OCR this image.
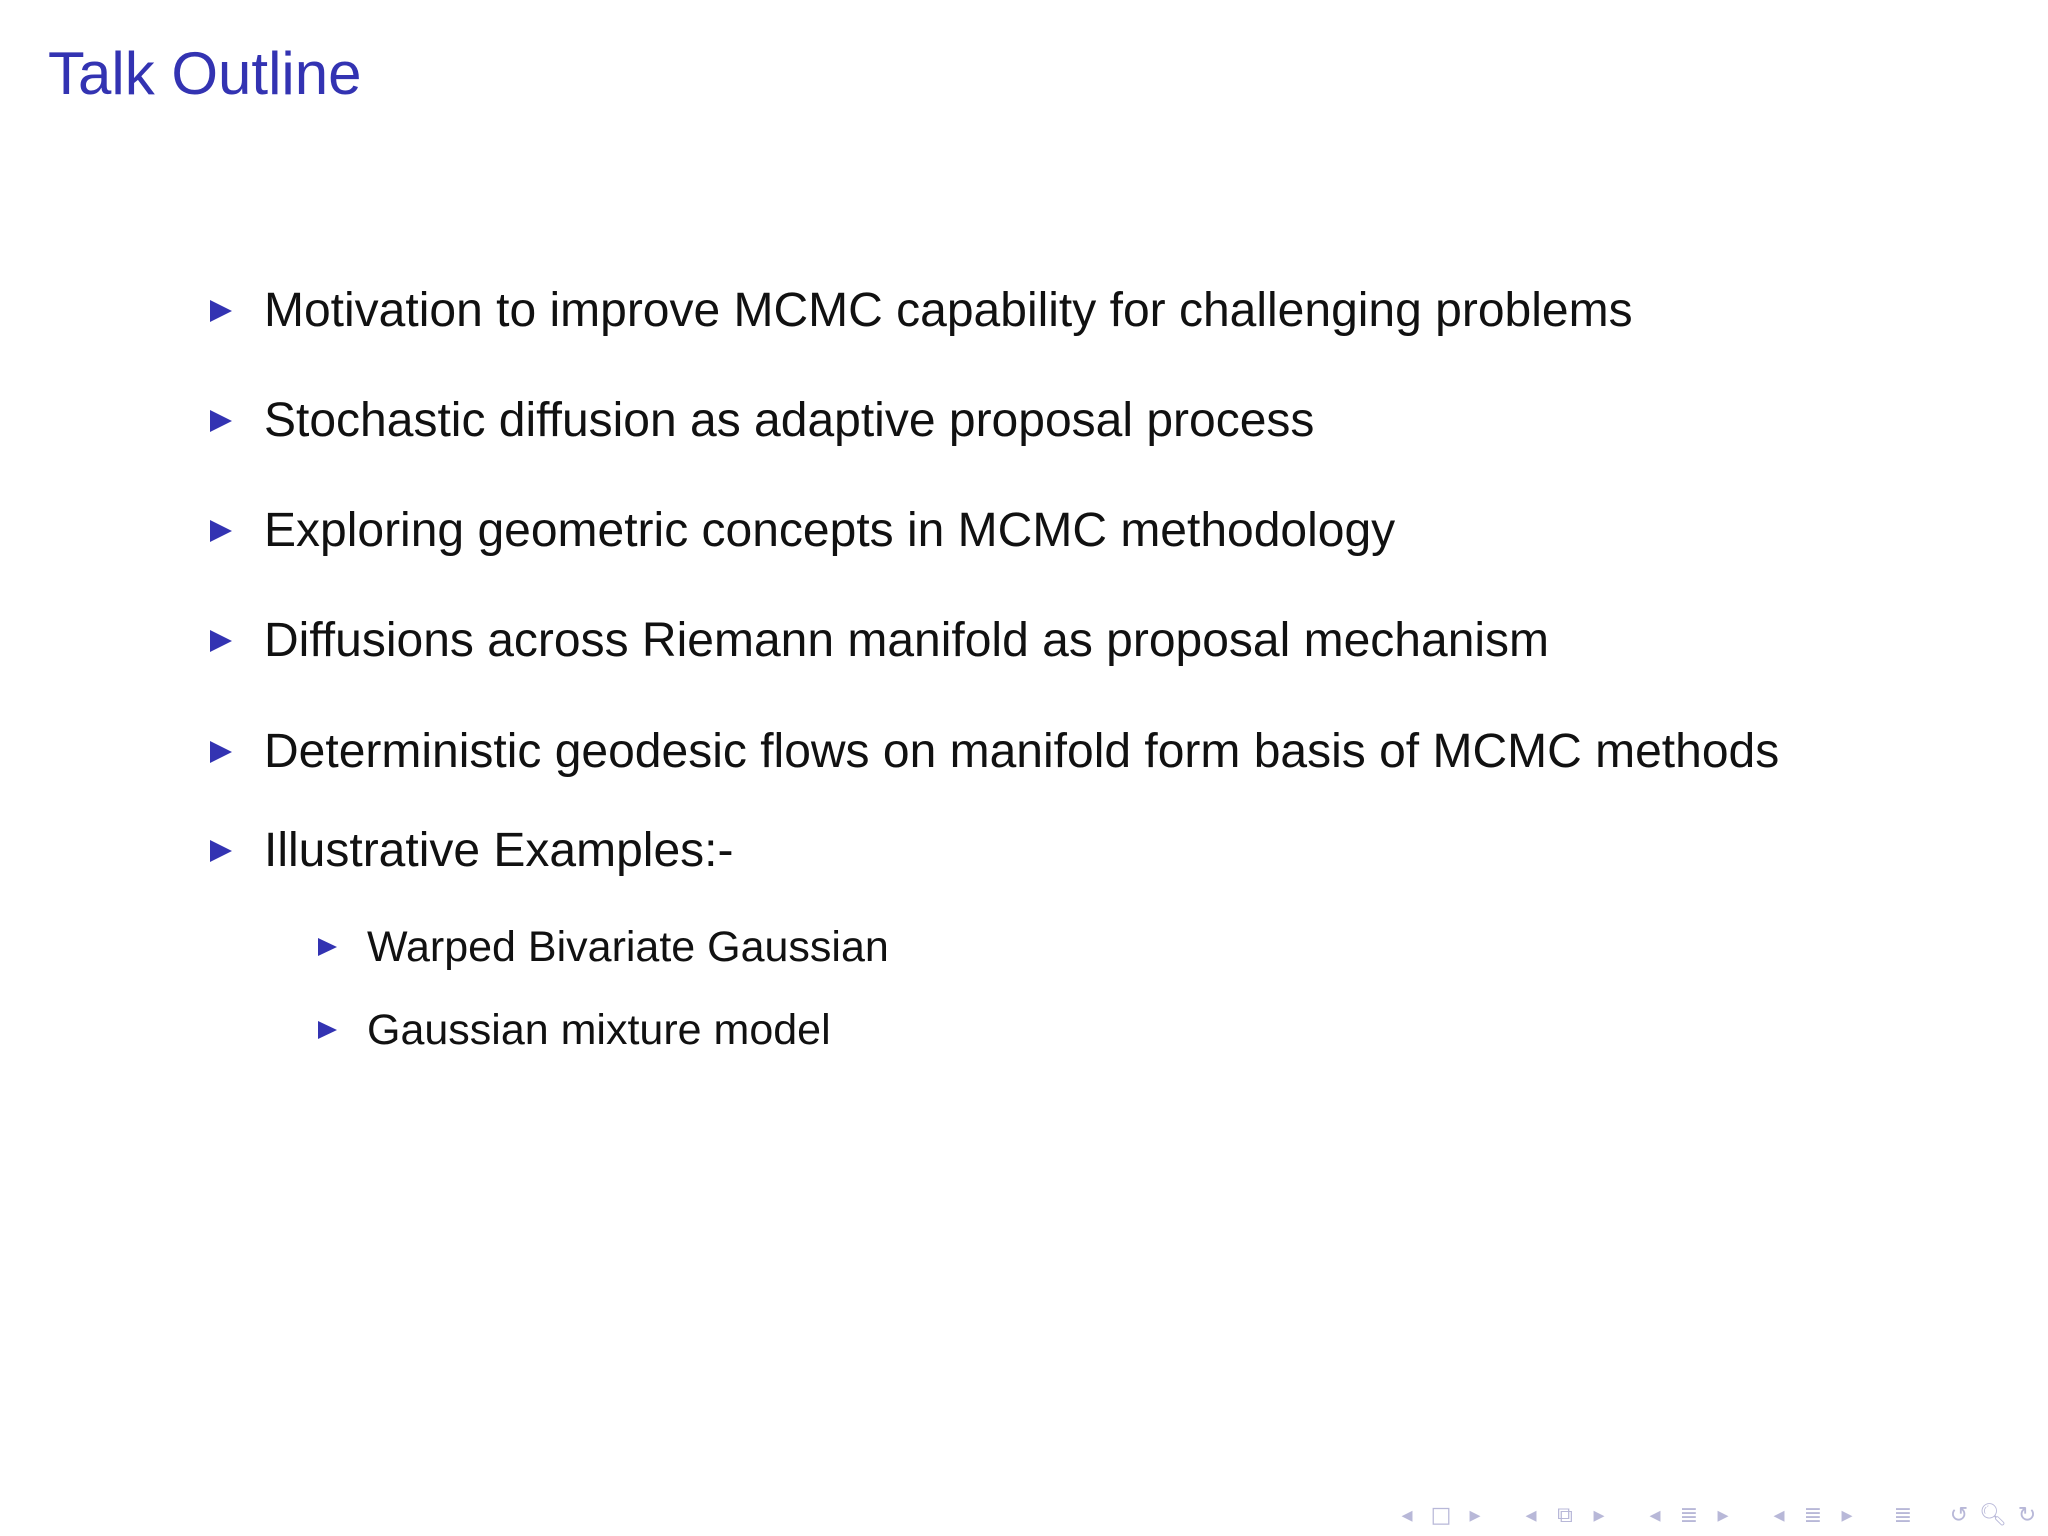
Talk Outline
Motivation to improve MCMC capability for challenging problems
Stochastic diffusion as adaptive proposal process
Exploring geometric concepts in MCMC methodology
Diffusions across Riemann manifold as proposal mechanism
Deterministic geodesic flows on manifold form basis of MCMC methods
Illustrative Examples:-
Warped Bivariate Gaussian
Gaussian mixture model
◂ □ ▸	◂ ⧉ ▸	◂ ≣ ▸	◂ ≣ ▸	≣ ↺ 🔍︎ ↻
